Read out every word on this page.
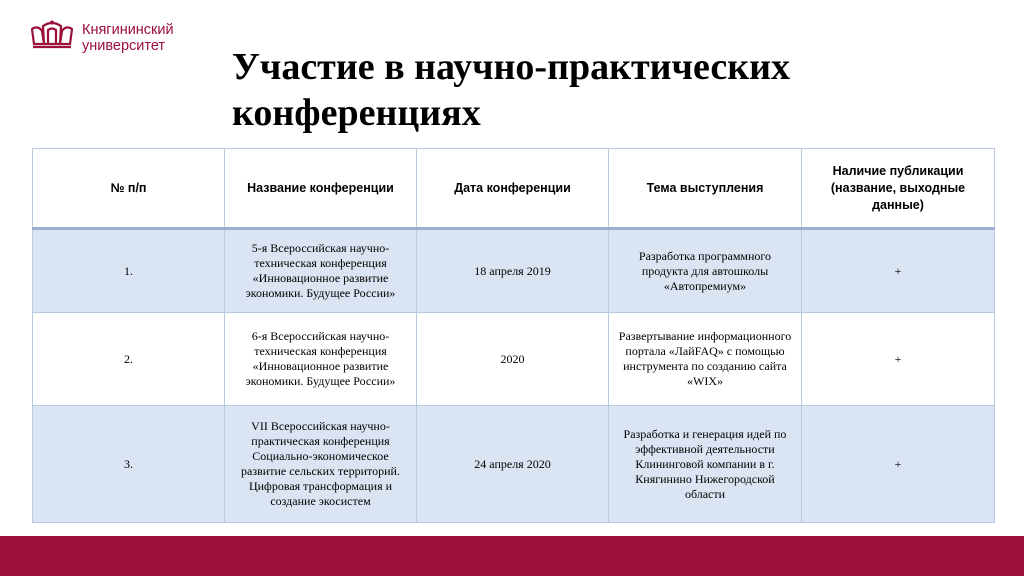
Княгининский
университет Участие в научно-практических конференциях
№ п/п	Название конференции	Дата конференции	Тема выступления	Наличие публикации (название, выходные данные)
1.	5-я Всероссийская научно-техническая конференция «Инновационное развитие экономики. Будущее России»	18 апреля 2019	Разработка программного продукта для автошколы «Автопремиум»	+
2.	6-я Всероссийская научно-техническая конференция «Инновационное развитие экономики. Будущее России»	2020	Развертывание информационного портала «ЛайFAQ» с помощью инструмента по созданию сайта «WIX»	+
3.	VII Всероссийская научно-практическая конференция Социально-экономическое развитие сельских территорий. Цифровая трансформация и создание экосистем	24 апреля 2020	Разработка и генерация идей по эффективной деятельности Клининговой компании в г. Княгинино Нижегородской области	+
